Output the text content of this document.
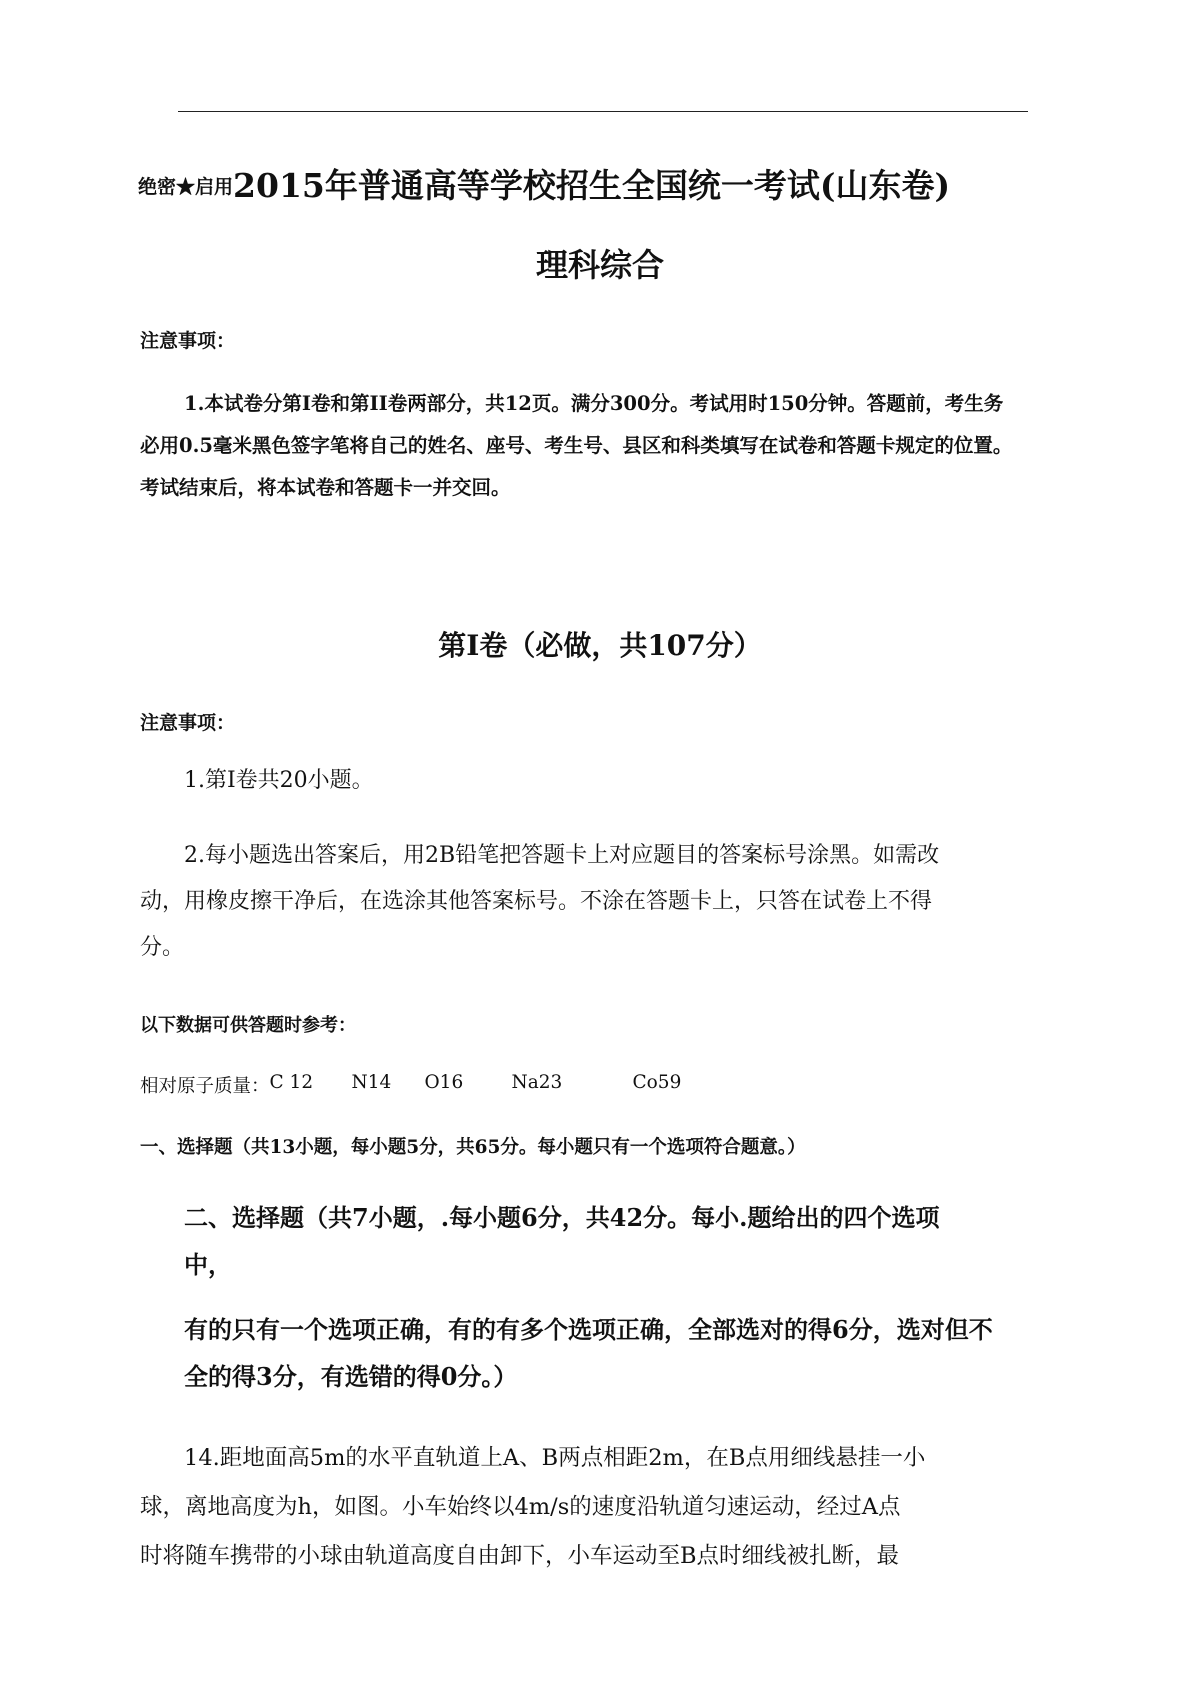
绝密★启用2015年普通高等学校招生全国统一考试(山东卷)
理科综合
注意事项：
1.本试卷分第I卷和第II卷两部分，共12页。满分300分。考试用时150分钟。答题前，考生务必用0.5毫米黑色签字笔将自己的姓名、座号、考生号、县区和科类填写在试卷和答题卡规定的位置。考试结束后，将本试卷和答题卡一并交回。
第I卷（必做，共107分）
注意事项：
1.第I卷共20小题。
2.每小题选出答案后，用2B铅笔把答题卡上对应题目的答案标号涂黑。如需改
动，用橡皮擦干净后，在选涂其他答案标号。不涂在答题卡上，只答在试卷上不得
分。
以下数据可供答题时参考：
相对原子质量： C 12	N14	O16	Na23	Co59
一、选择题（共13小题，每小题5分，共65分。每小题只有一个选项符合题意。）
二、选择题（共7小题，.每小题6分，共42分。每小.题给出的四个选项
中，
有的只有一个选项正确，有的有多个选项正确，全部选对的得6分，选对但不
全的得3分，有选错的得0分。）
14.距地面高5m的水平直轨道上A、B两点相距2m，在B点用细线悬挂一小
球，离地高度为h，如图。小车始终以4m/s的速度沿轨道匀速运动，经过A点
时将随车携带的小球由轨道高度自由卸下，小车运动至B点时细线被扎断，最
